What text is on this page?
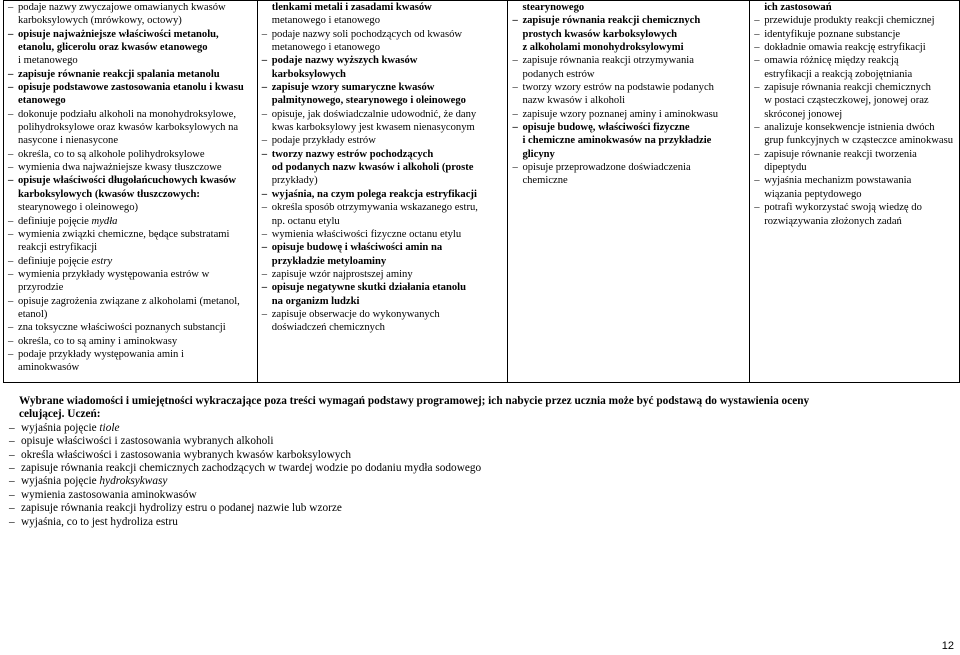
– podaje nazwy zwyczajowe omawianych kwasów
karboksylowych (mrówkowy, octowy)
– opisuje najważniejsze właściwości metanolu,
etanolu, glicerolu oraz kwasów etanowego
i metanowego
– zapisuje równanie reakcji spalania metanolu
– opisuje podstawowe zastosowania etanolu i kwasu
etanowego
– dokonuje podziału alkoholi na monohydroksylowe,
polihydroksylowe oraz kwasów karboksylowych na
nasycone i nienasycone
– określa, co to są alkohole polihydroksylowe
– wymienia dwa najważniejsze kwasy tłuszczowe
– opisuje właściwości długołańcuchowych kwasów
karboksylowych (kwasów tłuszczowych:
stearynowego i oleinowego)
– definiuje pojęcie mydła
– wymienia związki chemiczne, będące substratami
reakcji estryfikacji
– definiuje pojęcie estry
– wymienia przykłady występowania estrów w
przyrodzie
– opisuje zagrożenia związane z alkoholami (metanol,
etanol)
– zna toksyczne właściwości poznanych substancji
– określa, co to są aminy i aminokwasy
– podaje przykłady występowania amin i
aminokwasów

tlenkami metali i zasadami kwasów
metanowego i etanowego
– podaje nazwy soli pochodzących od kwasów
metanowego i etanowego
– podaje nazwy wyższych kwasów
karboksylowych
– zapisuje wzory sumaryczne kwasów
palmitynowego, stearynowego i oleinowego
– opisuje, jak doświadczalnie udowodnić, że dany
kwas karboksylowy jest kwasem nienasyconym
– podaje przykłady estrów
– tworzy nazwy estrów pochodzących
od podanych nazw kwasów i alkoholi (proste
przykłady)
– wyjaśnia, na czym polega reakcja estryfikacji
– określa sposób otrzymywania wskazanego estru,
np. octanu etylu
– wymienia właściwości fizyczne octanu etylu
– opisuje budowę i właściwości amin na
przykładzie metyloaminy
– zapisuje wzór najprostszej aminy
– opisuje negatywne skutki działania etanolu
na organizm ludzki
– zapisuje obserwacje do wykonywanych
doświadczeń chemicznych

stearynowego
– zapisuje równania reakcji chemicznych
prostych kwasów karboksylowych
z alkoholami monohydroksylowymi
– zapisuje równania reakcji otrzymywania
podanych estrów
– tworzy wzory estrów na podstawie podanych
nazw kwasów i alkoholi
– zapisuje wzory poznanej aminy i aminokwasu
– opisuje budowę, właściwości fizyczne
i chemiczne aminokwasów na przykładzie
glicyny
– opisuje przeprowadzone doświadczenia
chemiczne

ich zastosowań
– przewiduje produkty reakcji chemicznej
– identyfikuje poznane substancje
– dokładnie omawia reakcję estryfikacji
– omawia różnicę między reakcją
estryfikacji a reakcją zobojętniania
– zapisuje równania reakcji chemicznych
w postaci cząsteczkowej, jonowej oraz
skróconej jonowej
– analizuje konsekwencje istnienia dwóch
grup funkcyjnych w cząsteczce aminokwasu
– zapisuje równanie reakcji tworzenia
dipeptydu
– wyjaśnia mechanizm powstawania
wiązania peptydowego
– potrafi wykorzystać swoją wiedzę do
rozwiązywania złożonych zadań
Wybrane wiadomości i umiejętności wykraczające poza treści wymagań podstawy programowej; ich nabycie przez ucznia może być podstawą do wystawienia oceny
celującej. Uczeń:
– wyjaśnia pojęcie tiole
– opisuje właściwości i zastosowania wybranych alkoholi
– określa właściwości i zastosowania wybranych kwasów karboksylowych
– zapisuje równania reakcji chemicznych zachodzących w twardej wodzie po dodaniu mydła sodowego
– wyjaśnia pojęcie hydroksykwasy
– wymienia zastosowania aminokwasów
– zapisuje równania reakcji hydrolizy estru o podanej nazwie lub wzorze
– wyjaśnia, co to jest hydroliza estru
12
